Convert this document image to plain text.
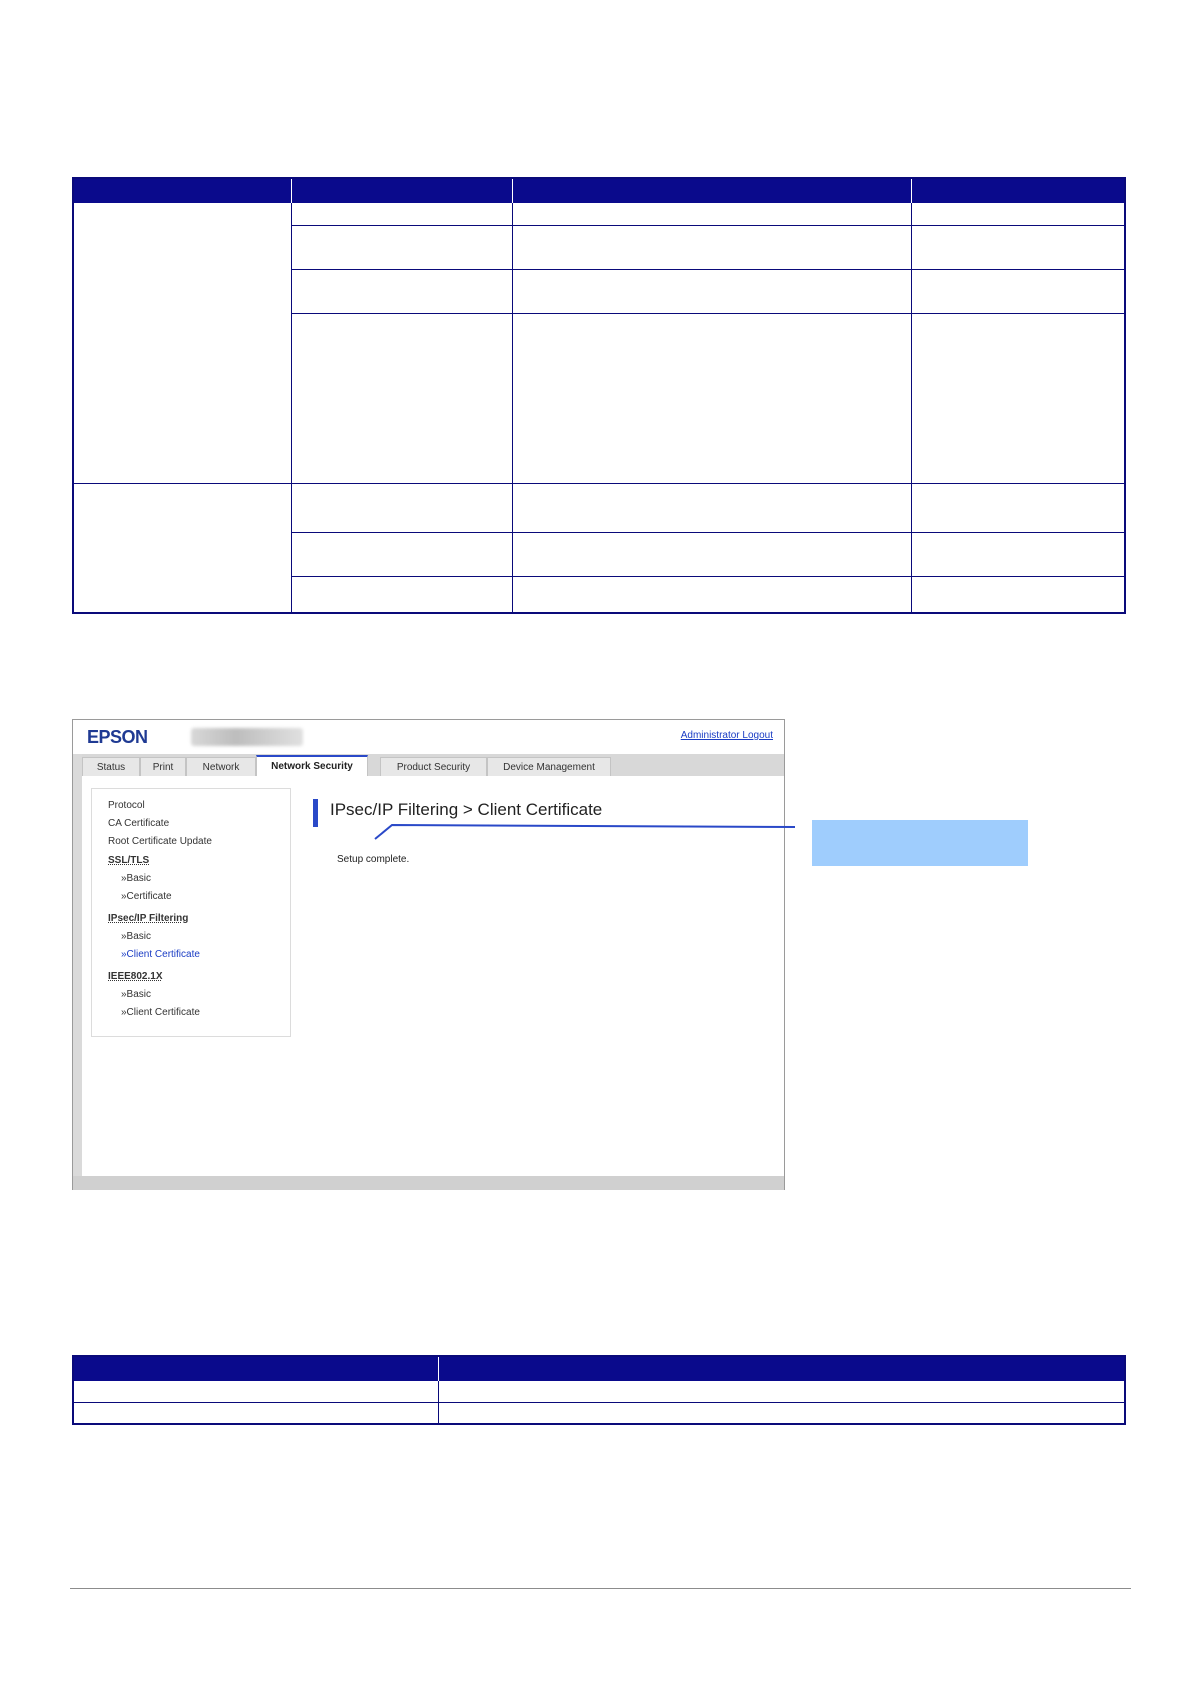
EPSON	Administrator Logout
Status	Print	Network	Network Security	Product Security	Device Management
Protocol
CA Certificate
Root Certificate Update
SSL/TLS
»Basic
»Certificate
IPsec/IP Filtering
»Basic
»Client Certificate
IEEE802.1X
»Basic
»Client Certificate
IPsec/IP Filtering > Client Certificate
Setup complete.
